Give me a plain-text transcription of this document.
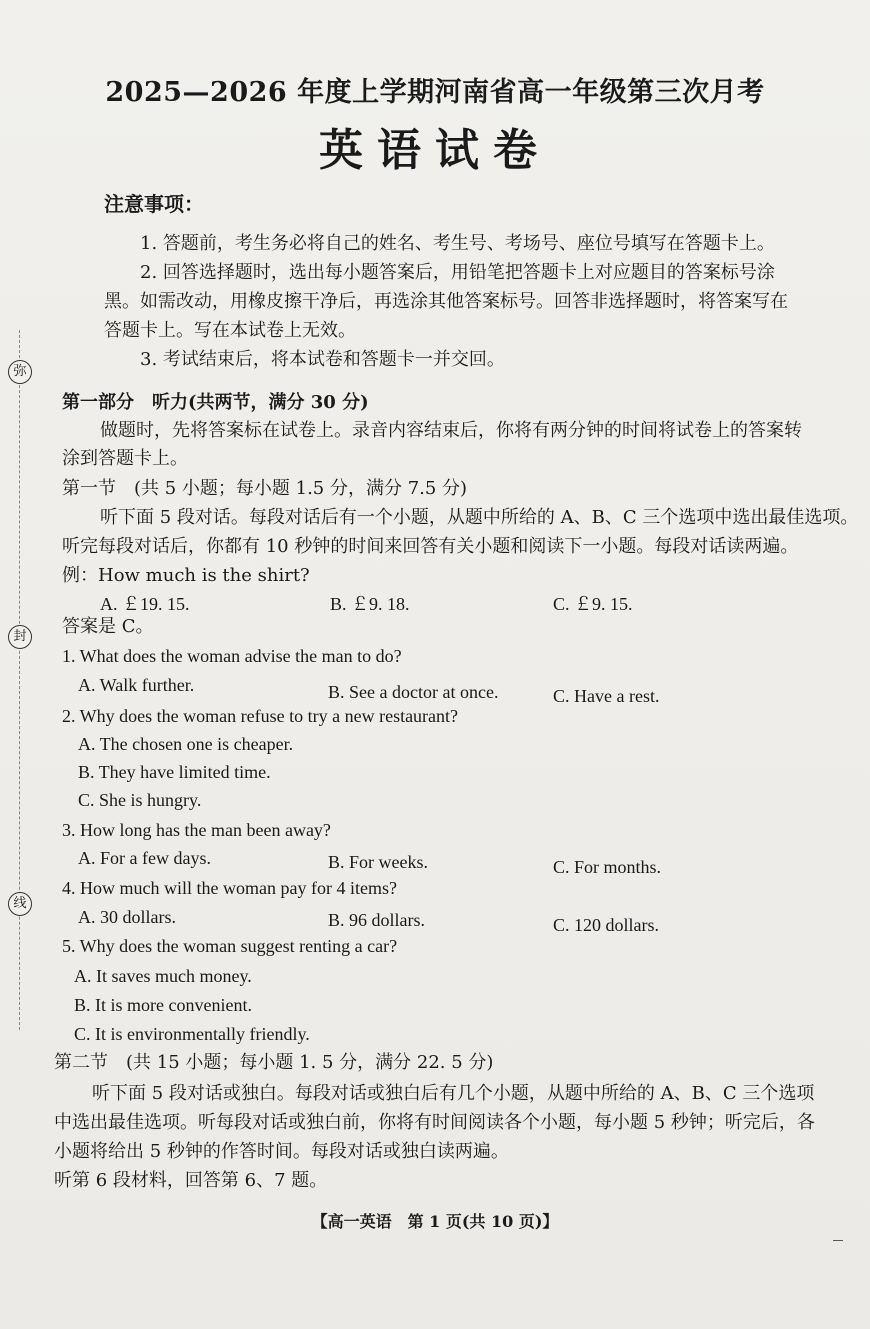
弥
封
线
2025—2026 年度上学期河南省高一年级第三次月考
英语试卷
注意事项：
1. 答题前，考生务必将自己的姓名、考生号、考场号、座位号填写在答题卡上。
2. 回答选择题时，选出每小题答案后，用铅笔把答题卡上对应题目的答案标号涂
黑。如需改动，用橡皮擦干净后，再选涂其他答案标号。回答非选择题时，将答案写在
答题卡上。写在本试卷上无效。
3. 考试结束后，将本试卷和答题卡一并交回。
第一部分　听力(共两节，满分 30 分)
做题时，先将答案标在试卷上。录音内容结束后，你将有两分钟的时间将试卷上的答案转
涂到答题卡上。
第一节　(共 5 小题；每小题 1.5 分，满分 7.5 分)
听下面 5 段对话。每段对话后有一个小题，从题中所给的 A、B、C 三个选项中选出最佳选项。
听完每段对话后，你都有 10 秒钟的时间来回答有关小题和阅读下一小题。每段对话读两遍。
例：How much is the shirt?
A. ￡19. 15.	B. ￡9. 18.	C. ￡9. 15.
答案是 C。
1. What does the woman advise the man to do?
A. Walk further.	B. See a doctor at once.	C. Have a rest.
2. Why does the woman refuse to try a new restaurant?
A. The chosen one is cheaper.
B. They have limited time.
C. She is hungry.
3. How long has the man been away?
A. For a few days.	B. For weeks.	C. For months.
4. How much will the woman pay for 4 items?
A. 30 dollars.	B. 96 dollars.	C. 120 dollars.
5. Why does the woman suggest renting a car?
A. It saves much money.
B. It is more convenient.
C. It is environmentally friendly.
第二节　(共 15 小题；每小题 1. 5 分，满分 22. 5 分)
听下面 5 段对话或独白。每段对话或独白后有几个小题，从题中所给的 A、B、C 三个选项
中选出最佳选项。听每段对话或独白前，你将有时间阅读各个小题，每小题 5 秒钟；听完后，各
小题将给出 5 秒钟的作答时间。每段对话或独白读两遍。
听第 6 段材料，回答第 6、7 题。
【高一英语　第 1 页(共 10 页)】
